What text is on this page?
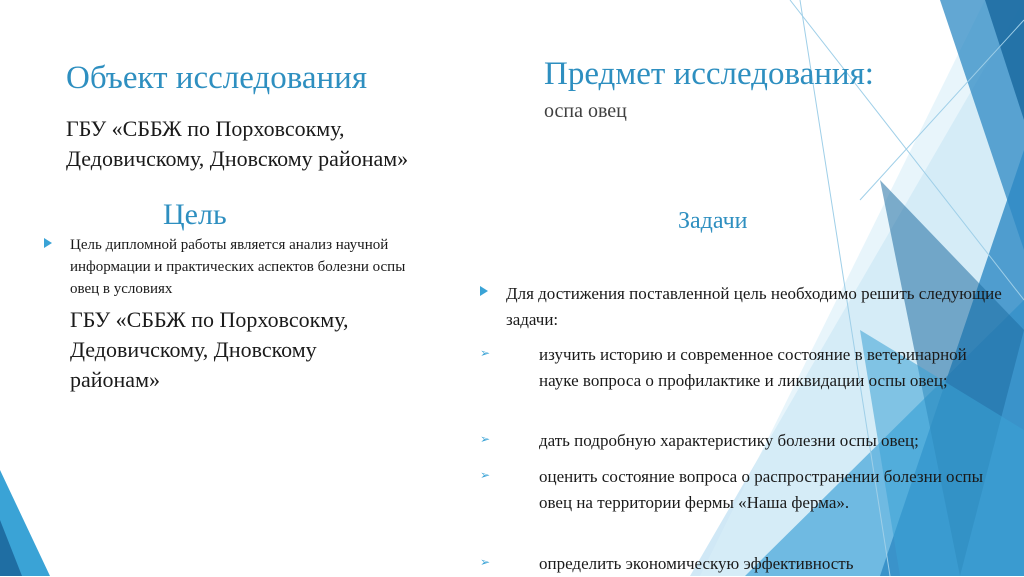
Объект исследования
ГБУ «СББЖ по Порховсокму, Дедовичскому, Дновскому районам»
Цель
Цель дипломной работы является анализ научной информации и практических аспектов болезни оспы овец в условиях
ГБУ «СББЖ по Порховсокму, Дедовичскому, Дновскому районам»
Предмет исследования:
оспа овец
Задачи
Для достижения поставленной цель необходимо решить следующие задачи:
➢	изучить историю и современное состояние в ветеринарной науке вопроса о профилактике и ликвидации оспы овец;
➢	дать подробную характеристику болезни оспы овец;
➢	оценить состояние вопроса о распространении болезни оспы овец на территории фермы «Наша ферма».
➢	определить экономическую эффективность
